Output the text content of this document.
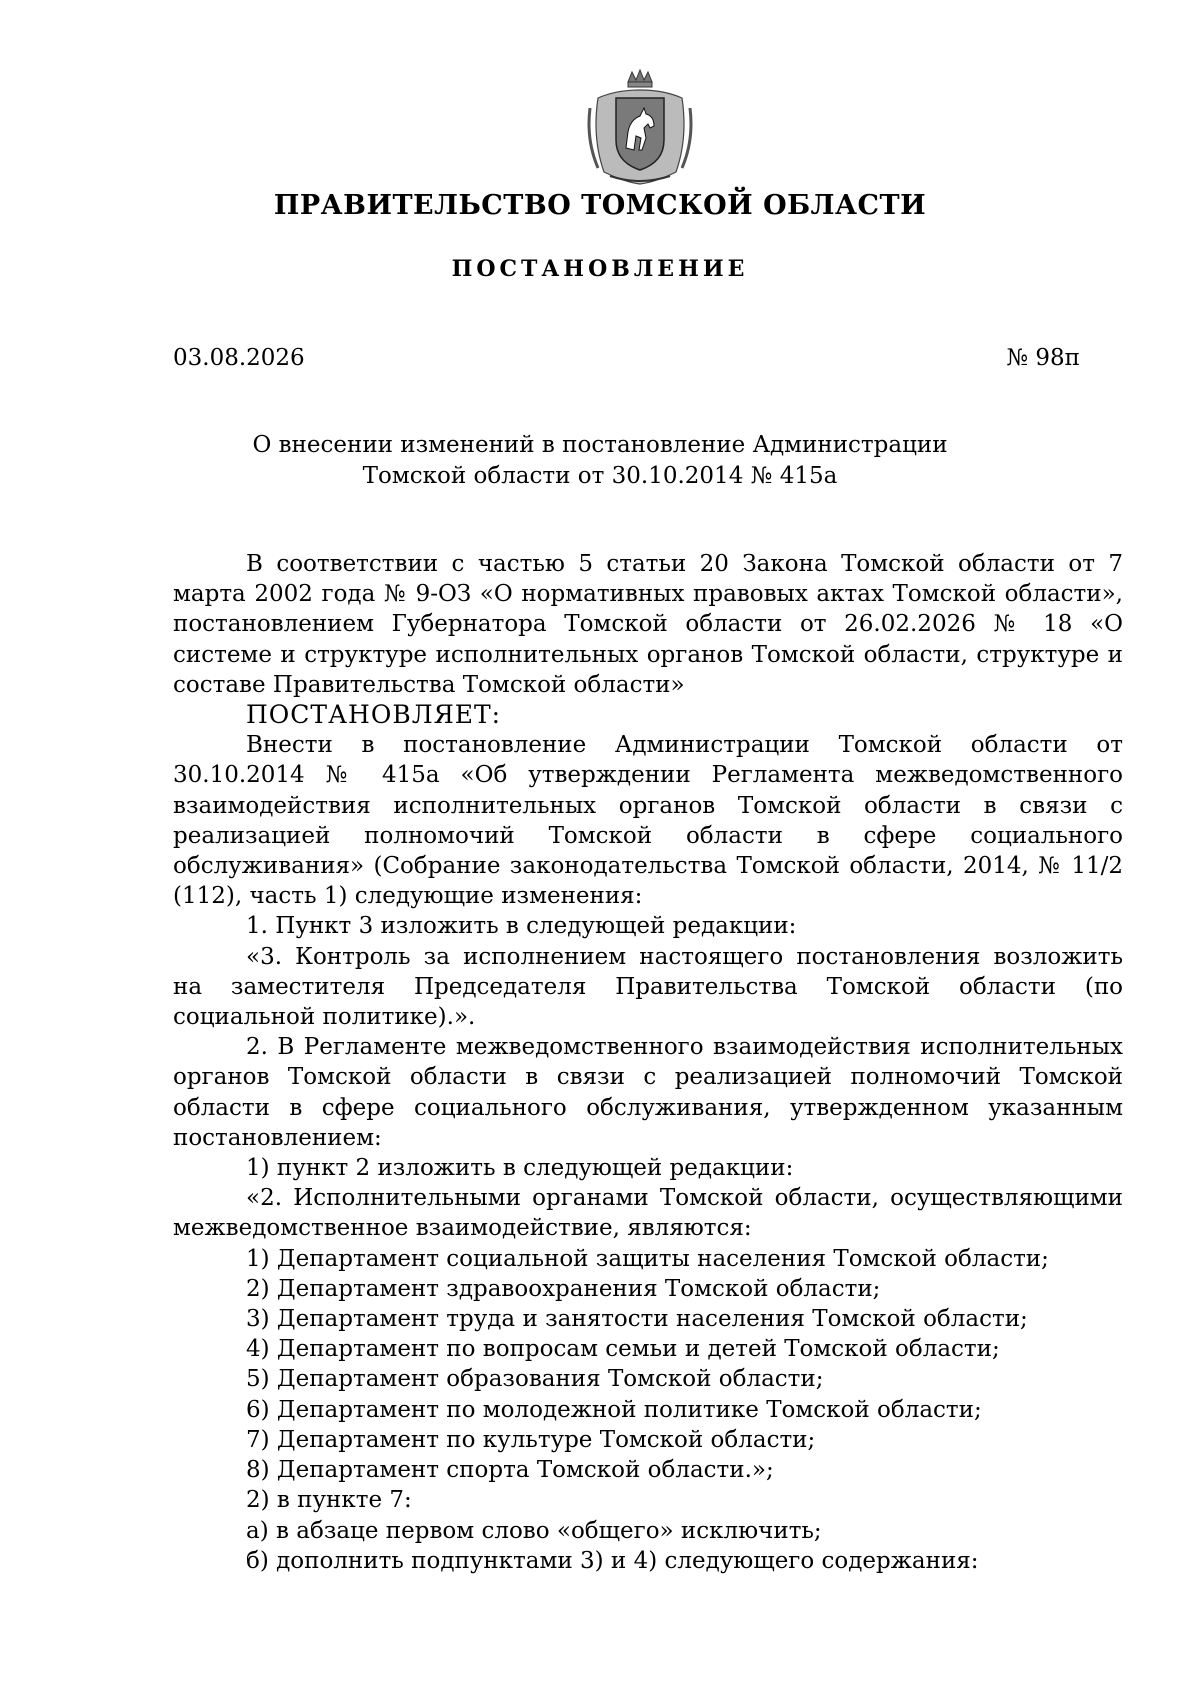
ПРАВИТЕЛЬСТВО ТОМСКОЙ ОБЛАСТИ
ПОСТАНОВЛЕНИЕ
03.08.2026	№ 98п
О внесении изменений в постановление Администрации
Томской области от 30.10.2014 № 415а

В соответствии с частью 5 статьи 20 Закона Томской области от 7 марта 2002 года № 9-ОЗ «О нормативных правовых актах Томской области», постановлением Губернатора Томской области от 26.02.2026 № 18 «О системе и структуре исполнительных органов Томской области, структуре и составе Правительства Томской области»

ПОСТАНОВЛЯЕТ:

Внести в постановление Администрации Томской области от 30.10.2014 № 415а «Об утверждении Регламента межведомственного взаимодействия исполнительных органов Томской области в связи с реализацией полномочий Томской области в сфере социального обслуживания» (Собрание законодательства Томской области, 2014, № 11/2 (112), часть 1) следующие изменения:

1. Пункт 3 изложить в следующей редакции:

«3. Контроль за исполнением настоящего постановления возложить на заместителя Председателя Правительства Томской области (по социальной политике).».

2. В Регламенте межведомственного взаимодействия исполнительных органов Томской области в связи с реализацией полномочий Томской области в сфере социального обслуживания, утвержденном указанным постановлением:

1) пункт 2 изложить в следующей редакции:

«2. Исполнительными органами Томской области, осуществляющими межведомственное взаимодействие, являются:

1) Департамент социальной защиты населения Томской области;

2) Департамент здравоохранения Томской области;

3) Департамент труда и занятости населения Томской области;

4) Департамент по вопросам семьи и детей Томской области;

5) Департамент образования Томской области;

6) Департамент по молодежной политике Томской области;

7) Департамент по культуре Томской области;

8) Департамент спорта Томской области.»;

2) в пункте 7:

а) в абзаце первом слово «общего» исключить;

б) дополнить подпунктами 3) и 4) следующего содержания:
